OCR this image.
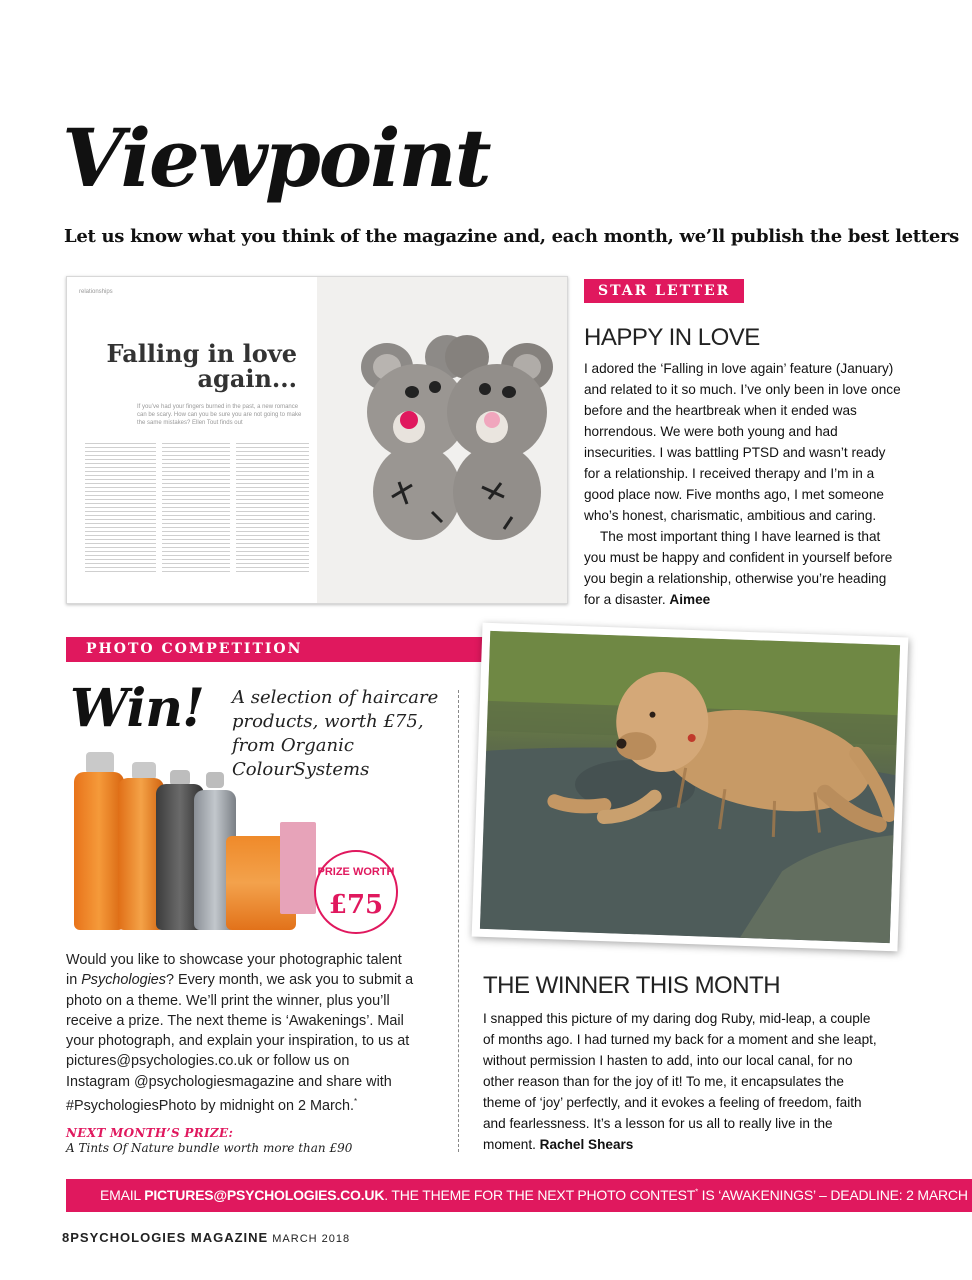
Viewpoint
Let us know what you think of the magazine and, each month, we’ll publish the best letters
relationships
Falling in love again...
If you’ve had your fingers burned in the past, a new romance can be scary. How can you be sure you are not going to make the same mistakes? Ellen Tout finds out
STAR LETTER
HAPPY IN LOVE

I adored the ‘Falling in love again’ feature (January) and related to it so much. I’ve only been in love once before and the heartbreak when it ended was horrendous. We were both young and had insecurities. I was battling PTSD and wasn’t ready for a relationship. I received therapy and I’m in a good place now. Five months ago, I met someone who’s honest, charismatic, ambitious and caring.

The most important thing I have learned is that you must be happy and confident in yourself before you begin a relationship, otherwise you’re heading for a disaster. Aimee

PHOTO COMPETITION
Win! A selection of haircare products, worth £75, from Organic ColourSystems
PRIZE WORTH
£75
Would you like to showcase your photographic talent in Psychologies? Every month, we ask you to submit a photo on a theme. We’ll print the winner, plus you’ll receive a prize. The next theme is ‘Awakenings’. Mail your photograph, and explain your inspiration, to us at pictures@psychologies.co.uk or follow us on Instagram @psychologiesmagazine and share with #PsychologiesPhoto by midnight on 2 March.*
NEXT MONTH’S PRIZE:
A Tints Of Nature bundle worth more than £90
THE WINNER THIS MONTH
I snapped this picture of my daring dog Ruby, mid-leap, a couple of months ago. I had turned my back for a moment and she leapt, without permission I hasten to add, into our local canal, for no other reason than for the joy of it! To me, it encapsulates the theme of ‘joy’ perfectly, and it evokes a feeling of freedom, faith and fearlessness. It’s a lesson for us all to really live in the moment. Rachel Shears
EMAIL PICTURES@PSYCHOLOGIES.CO.UK. THE THEME FOR THE NEXT PHOTO CONTEST* IS ‘AWAKENINGS’ – DEADLINE: 2 MARCH
8PSYCHOLOGIES MAGAZINE MARCH 2018
